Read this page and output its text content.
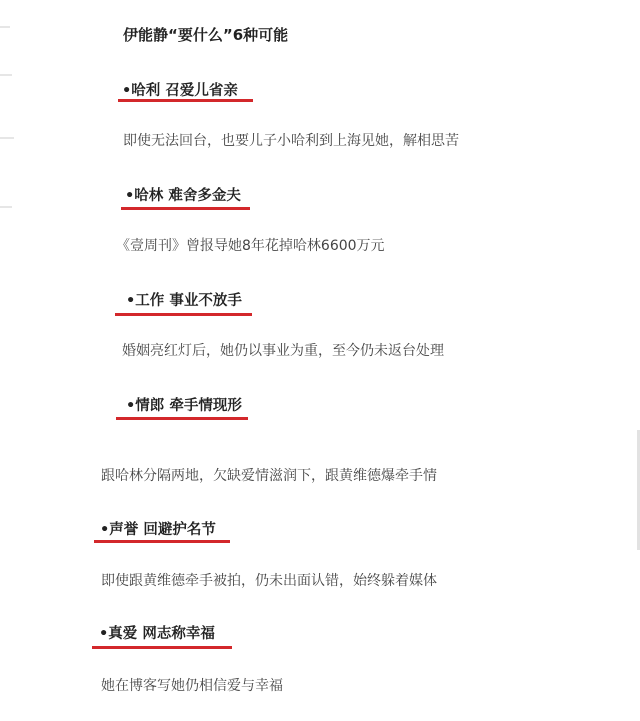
伊能静“要什么”6种可能
•哈利 召爱儿省亲
即使无法回台，也要儿子小哈利到上海见她，解相思苦
•哈林 难舍多金夫
《壹周刊》曾报导她8年花掉哈林6600万元
•工作 事业不放手
婚姻亮红灯后，她仍以事业为重，至今仍未返台处理
•情郎 牵手情现形
跟哈林分隔两地，欠缺爱情滋润下，跟黄维德爆牵手情
•声誉 回避护名节
即使跟黄维德牵手被拍，仍未出面认错，始终躲着媒体
•真爱 网志称幸福
她在博客写她仍相信爱与幸福
